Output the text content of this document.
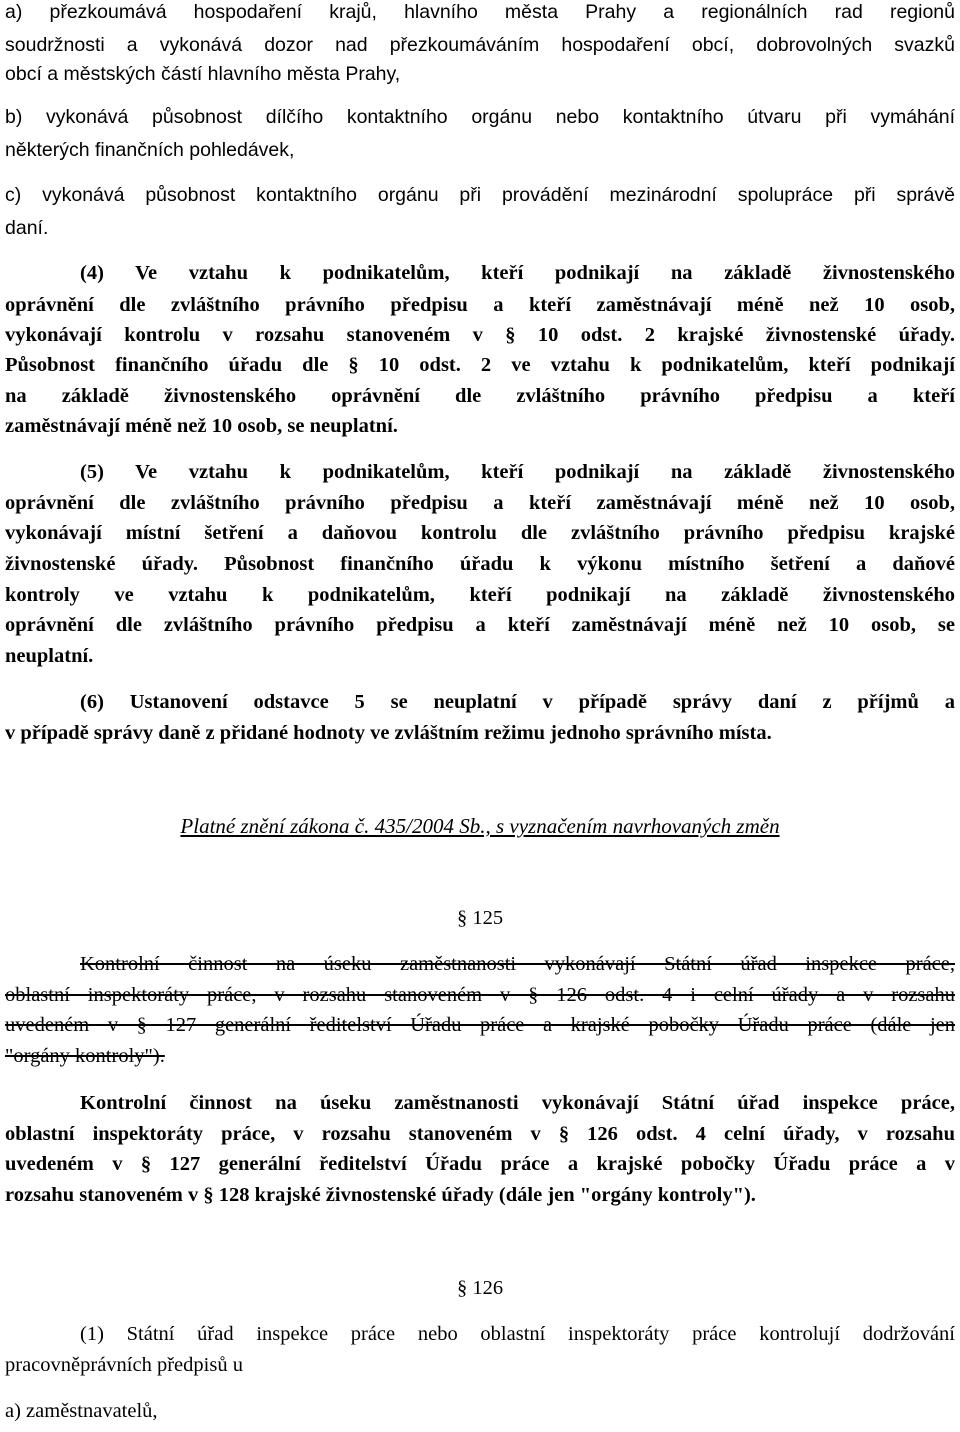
a) přezkoumává hospodaření krajů, hlavního města Prahy a regionálních rad regionů
soudržnosti a vykonává dozor nad přezkoumáváním hospodaření obcí, dobrovolných svazků
obcí a městských částí hlavního města Prahy,
b) vykonává působnost dílčího kontaktního orgánu nebo kontaktního útvaru při vymáhání
některých finančních pohledávek,
c) vykonává působnost kontaktního orgánu při provádění mezinárodní spolupráce při správě
daní.
(4) Ve vztahu k podnikatelům, kteří podnikají na základě živnostenského
oprávnění dle zvláštního právního předpisu a kteří zaměstnávají méně než 10 osob,
vykonávají kontrolu v rozsahu stanoveném v § 10 odst. 2 krajské živnostenské úřady.
Působnost finančního úřadu dle § 10 odst. 2 ve vztahu k podnikatelům, kteří podnikají
na základě živnostenského oprávnění dle zvláštního právního předpisu a kteří
zaměstnávají méně než 10 osob, se neuplatní.
(5) Ve vztahu k podnikatelům, kteří podnikají na základě živnostenského
oprávnění dle zvláštního právního předpisu a kteří zaměstnávají méně než 10 osob,
vykonávají místní šetření a daňovou kontrolu dle zvláštního právního předpisu krajské
živnostenské úřady. Působnost finančního úřadu k výkonu místního šetření a daňové
kontroly ve vztahu k podnikatelům, kteří podnikají na základě živnostenského
oprávnění dle zvláštního právního předpisu a kteří zaměstnávají méně než 10 osob, se
neuplatní.
(6) Ustanovení odstavce 5 se neuplatní v případě správy daní z příjmů a
v případě správy daně z přidané hodnoty ve zvláštním režimu jednoho správního místa.
Platné znění zákona č. 435/2004 Sb., s vyznačením navrhovaných změn
§ 125
Kontrolní činnost na úseku zaměstnanosti vykonávají Státní úřad inspekce práce,
oblastní inspektoráty práce, v rozsahu stanoveném v § 126 odst. 4 i celní úřady a v rozsahu
uvedeném v § 127 generální ředitelství Úřadu práce a krajské pobočky Úřadu práce (dále jen
"orgány kontroly").
Kontrolní činnost na úseku zaměstnanosti vykonávají Státní úřad inspekce práce,
oblastní inspektoráty práce, v rozsahu stanoveném v § 126 odst. 4 celní úřady, v rozsahu
uvedeném v § 127 generální ředitelství Úřadu práce a krajské pobočky Úřadu práce a v
rozsahu stanoveném v § 128 krajské živnostenské úřady (dále jen "orgány kontroly").
§ 126
(1) Státní úřad inspekce práce nebo oblastní inspektoráty práce kontrolují dodržování
pracovněprávních předpisů u
a) zaměstnavatelů,
